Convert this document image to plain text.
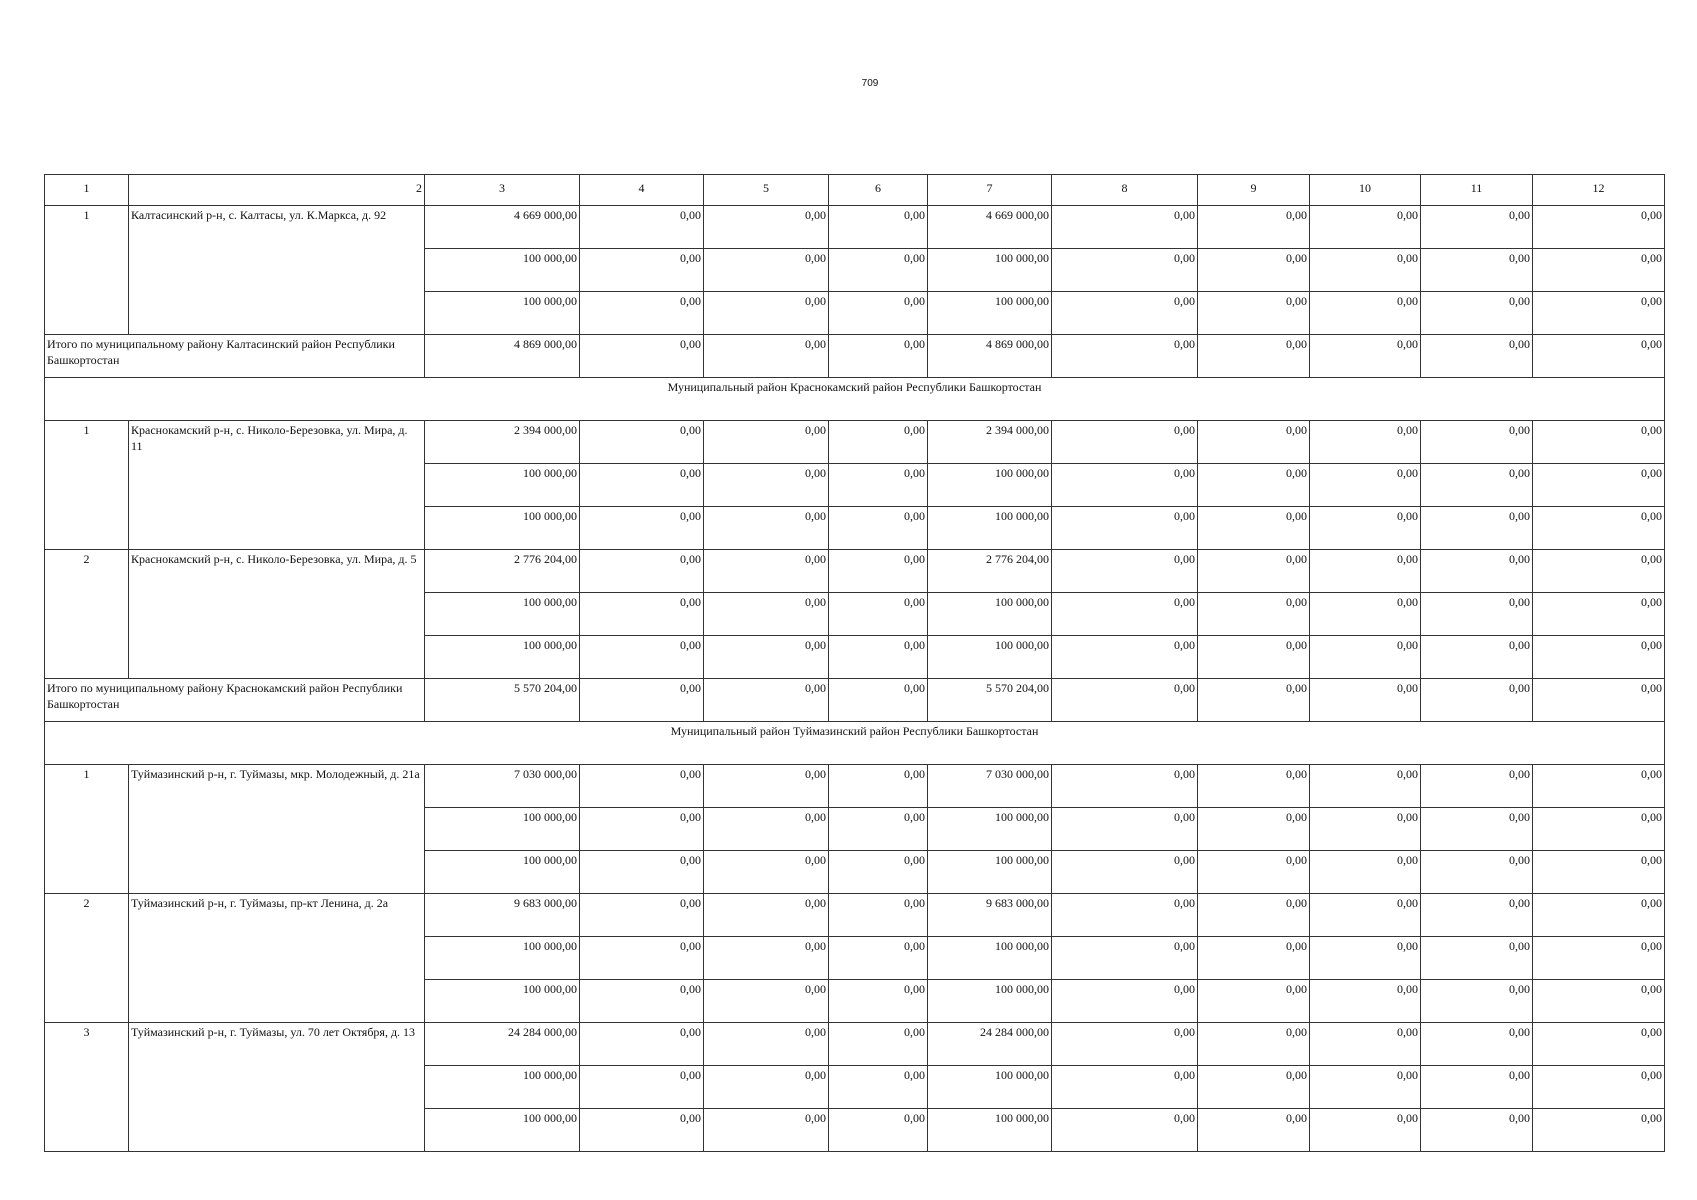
709
1	2	3	4	5	6	7	8	9	10	11	12
1	Калтасинский р-н, с. Калтасы, ул. К.Маркса, д. 92	4 669 000,00	0,00	0,00	0,00	4 669 000,00	0,00	0,00	0,00	0,00	0,00
		100 000,00	0,00	0,00	0,00	100 000,00	0,00	0,00	0,00	0,00	0,00
		100 000,00	0,00	0,00	0,00	100 000,00	0,00	0,00	0,00	0,00	0,00
Итого по муниципальному району Калтасинский район Республики Башкортостан		4 869 000,00	0,00	0,00	0,00	4 869 000,00	0,00	0,00	0,00	0,00	0,00
Муниципальный район Краснокамский район Республики Башкортостан											
1	Краснокамский р-н, с. Николо-Березовка, ул. Мира, д. 11	2 394 000,00	0,00	0,00	0,00	2 394 000,00	0,00	0,00	0,00	0,00	0,00
		100 000,00	0,00	0,00	0,00	100 000,00	0,00	0,00	0,00	0,00	0,00
		100 000,00	0,00	0,00	0,00	100 000,00	0,00	0,00	0,00	0,00	0,00
2	Краснокамский р-н, с. Николо-Березовка, ул. Мира, д. 5	2 776 204,00	0,00	0,00	0,00	2 776 204,00	0,00	0,00	0,00	0,00	0,00
		100 000,00	0,00	0,00	0,00	100 000,00	0,00	0,00	0,00	0,00	0,00
		100 000,00	0,00	0,00	0,00	100 000,00	0,00	0,00	0,00	0,00	0,00
Итого по муниципальному району Краснокамский район Республики Башкортостан		5 570 204,00	0,00	0,00	0,00	5 570 204,00	0,00	0,00	0,00	0,00	0,00
Муниципальный район Туймазинский район Республики Башкортостан											
1	Туймазинский р-н, г. Туймазы, мкр. Молодежный, д. 21а	7 030 000,00	0,00	0,00	0,00	7 030 000,00	0,00	0,00	0,00	0,00	0,00
		100 000,00	0,00	0,00	0,00	100 000,00	0,00	0,00	0,00	0,00	0,00
		100 000,00	0,00	0,00	0,00	100 000,00	0,00	0,00	0,00	0,00	0,00
2	Туймазинский р-н, г. Туймазы, пр-кт Ленина, д. 2а	9 683 000,00	0,00	0,00	0,00	9 683 000,00	0,00	0,00	0,00	0,00	0,00
		100 000,00	0,00	0,00	0,00	100 000,00	0,00	0,00	0,00	0,00	0,00
		100 000,00	0,00	0,00	0,00	100 000,00	0,00	0,00	0,00	0,00	0,00
3	Туймазинский р-н, г. Туймазы, ул. 70 лет Октября, д. 13	24 284 000,00	0,00	0,00	0,00	24 284 000,00	0,00	0,00	0,00	0,00	0,00
		100 000,00	0,00	0,00	0,00	100 000,00	0,00	0,00	0,00	0,00	0,00
		100 000,00	0,00	0,00	0,00	100 000,00	0,00	0,00	0,00	0,00	0,00
